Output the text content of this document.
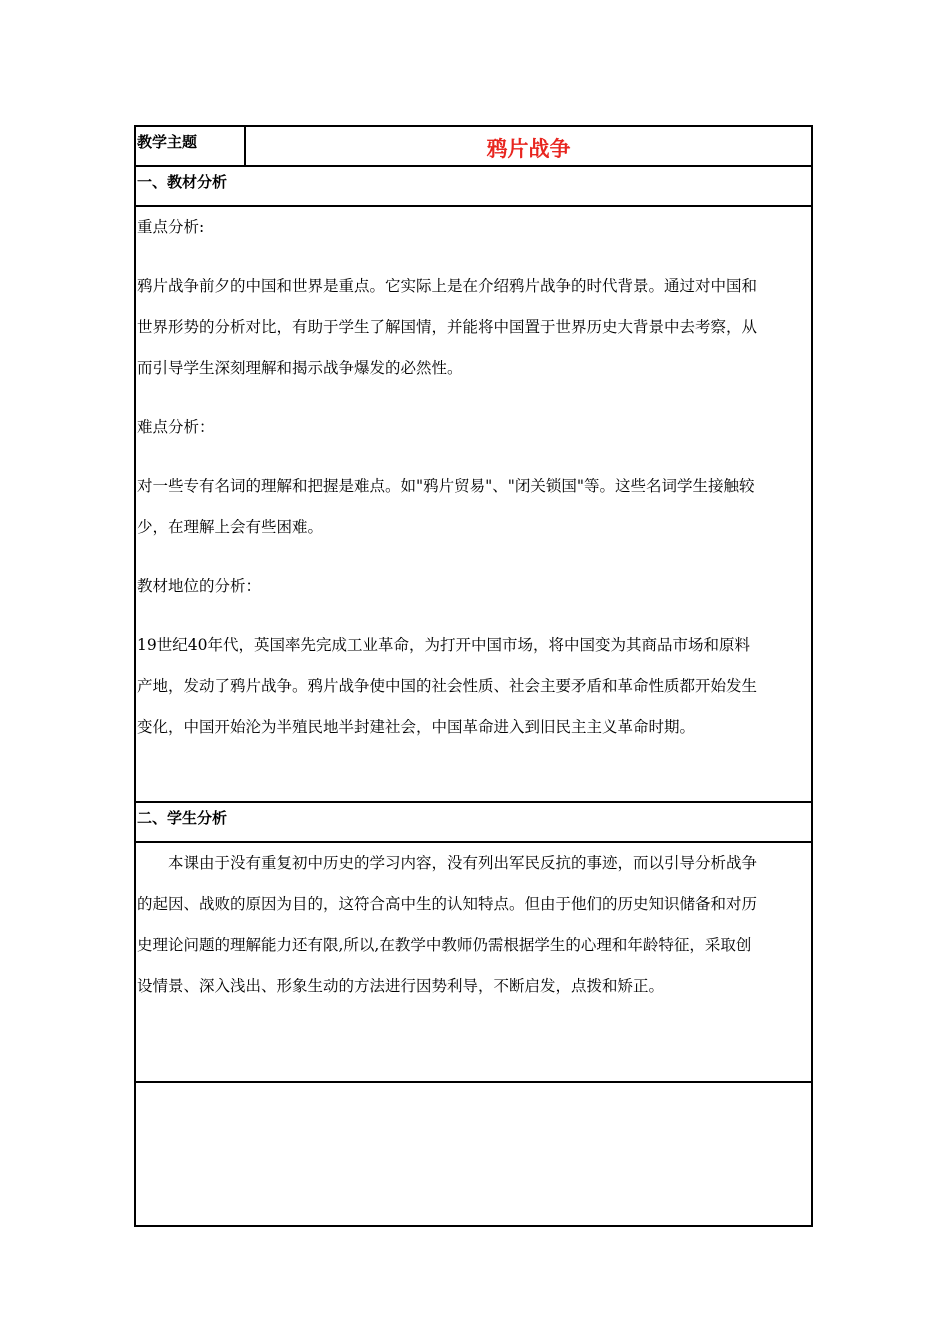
教学主题	鸦片战争
一、教材分析

重点分析:

鸦片战争前夕的中国和世界是重点。它实际上是在介绍鸦片战争的时代背景。通过对中国和

世界形势的分析对比，有助于学生了解国情，并能将中国置于世界历史大背景中去考察，从

而引导学生深刻理解和揭示战争爆发的必然性。

难点分析：

对一些专有名词的理解和把握是难点。如"鸦片贸易"、"闭关锁国"等。这些名词学生接触较

少，在理解上会有些困难。

教材地位的分析：

19世纪40年代，英国率先完成工业革命，为打开中国市场，将中国变为其商品市场和原料

产地，发动了鸦片战争。鸦片战争使中国的社会性质、社会主要矛盾和革命性质都开始发生

变化，中国开始沦为半殖民地半封建社会，中国革命进入到旧民主主义革命时期。

二、学生分析

本课由于没有重复初中历史的学习内容，没有列出军民反抗的事迹，而以引导分析战争

的起因、战败的原因为目的，这符合高中生的认知特点。但由于他们的历史知识储备和对历

史理论问题的理解能力还有限,所以,在教学中教师仍需根据学生的心理和年龄特征，采取创

设情景、深入浅出、形象生动的方法进行因势利导，不断启发，点拨和矫正。
